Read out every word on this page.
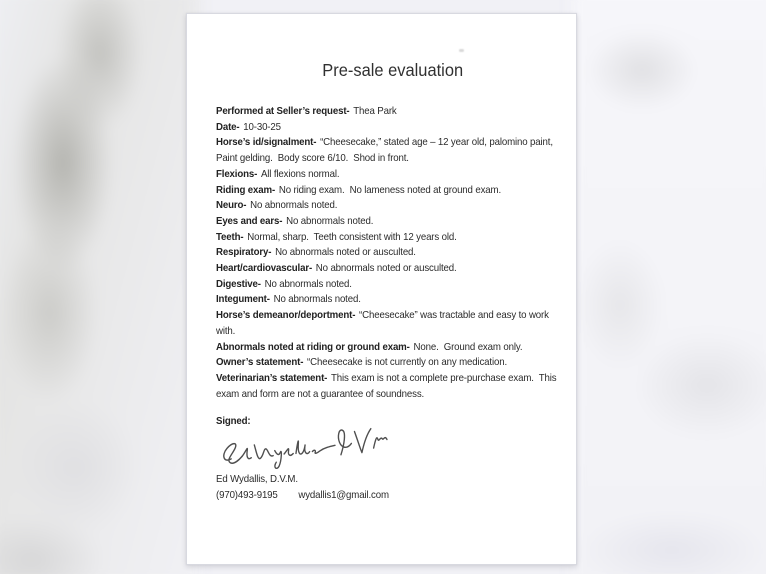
Pre-sale evaluation

Performed at Seller’s request- Thea Park

Date- 10-30-25

Horse’s id/signalment- “Cheesecake,” stated age – 12 year old, palomino paint, Paint gelding.  Body score 6/10.  Shod in front.

Flexions- All flexions normal.

Riding exam- No riding exam.  No lameness noted at ground exam.

Neuro- No abnormals noted.

Eyes and ears- No abnormals noted.

Teeth- Normal, sharp.  Teeth consistent with 12 years old.

Respiratory- No abnormals noted or ausculted.

Heart/cardiovascular- No abnormals noted or ausculted.

Digestive- No abnormals noted.

Integument- No abnormals noted.

Horse’s demeanor/deportment- “Cheesecake” was tractable and easy to work with.

Abnormals noted at riding or ground exam- None.  Ground exam only.

Owner’s statement- “Cheesecake is not currently on any medication.

Veterinarian’s statement- This exam is not a complete pre-purchase exam.  This exam and form are not a guarantee of soundness.

Signed:

Ed Wydallis, D.V.M.

(970)493-9195 wydallis1@gmail.com
